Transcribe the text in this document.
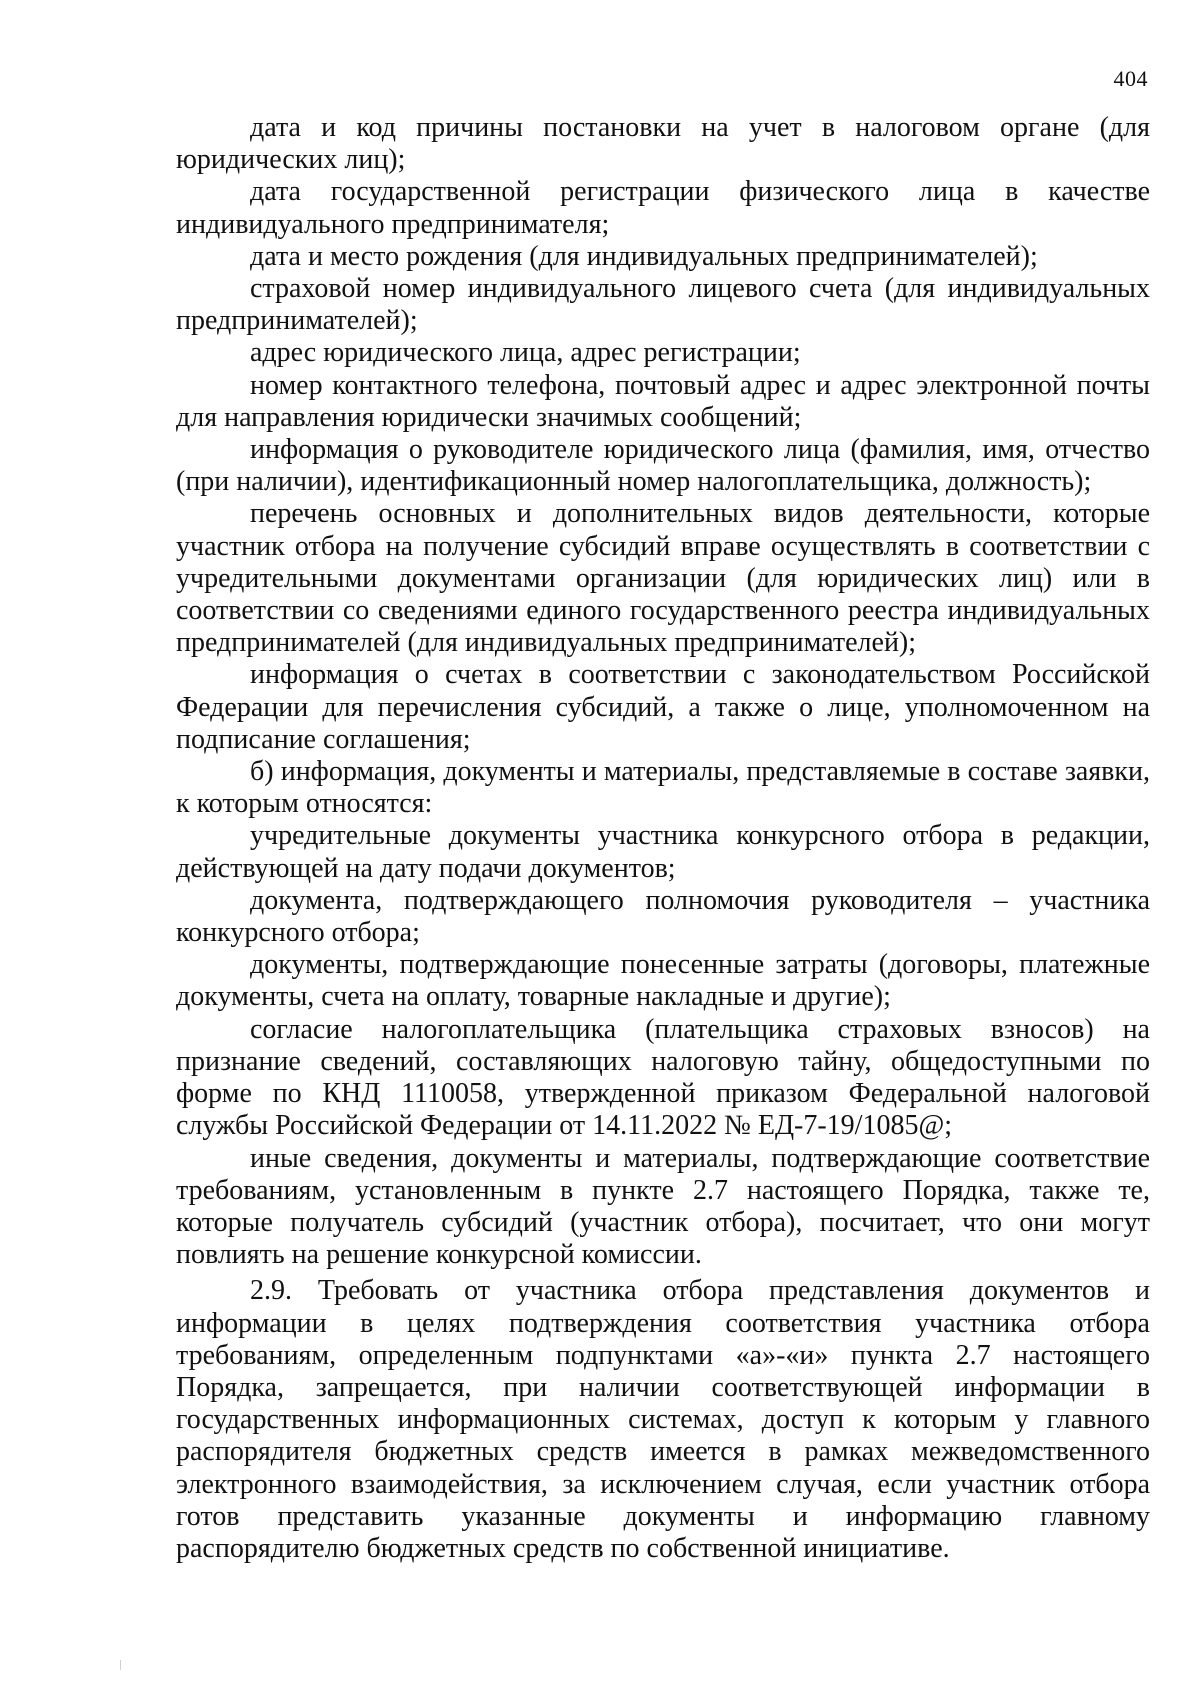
404

дата и код причины постановки на учет в налоговом органе (для юридических лиц);

дата государственной регистрации физического лица в качестве индивидуального предпринимателя;

дата и место рождения (для индивидуальных предпринимателей);

страховой номер индивидуального лицевого счета (для индивидуальных предпринимателей);

адрес юридического лица, адрес регистрации;

номер контактного телефона, почтовый адрес и адрес электронной почты для направления юридически значимых сообщений;

информация о руководителе юридического лица (фамилия, имя, отчество (при наличии), идентификационный номер налогоплательщика, должность);

перечень основных и дополнительных видов деятельности, которые участник отбора на получение субсидий вправе осуществлять в соответствии с учредительными документами организации (для юридических лиц) или в соответствии со сведениями единого государственного реестра индивидуальных предпринимателей (для индивидуальных предпринимателей);

информация о счетах в соответствии с законодательством Российской Федерации для перечисления субсидий, а также о лице, уполномоченном на подписание соглашения;

б) информация, документы и материалы, представляемые в составе заявки, к которым относятся:

учредительные документы участника конкурсного отбора в редакции, действующей на дату подачи документов;

документа, подтверждающего полномочия руководителя – участника конкурсного отбора;

документы, подтверждающие понесенные затраты (договоры, платежные документы, счета на оплату, товарные накладные и другие);

согласие налогоплательщика (плательщика страховых взносов) на признание сведений, составляющих налоговую тайну, общедоступными по форме по КНД 1110058, утвержденной приказом Федеральной налоговой службы Российской Федерации от 14.11.2022 № ЕД-7-19/1085@;

иные сведения, документы и материалы, подтверждающие соответствие требованиям, установленным в пункте 2.7 настоящего Порядка, также те, которые получатель субсидий (участник отбора), посчитает, что они могут повлиять на решение конкурсной комиссии.

2.9. Требовать от участника отбора представления документов и информации в целях подтверждения соответствия участника отбора требованиям, определенным подпунктами «а»-«и» пункта 2.7 настоящего Порядка, запрещается, при наличии соответствующей информации в государственных информационных системах, доступ к которым у главного распорядителя бюджетных средств имеется в рамках межведомственного электронного взаимодействия, за исключением случая, если участник отбора готов представить указанные документы и информацию главному распорядителю бюджетных средств по собственной инициативе.
